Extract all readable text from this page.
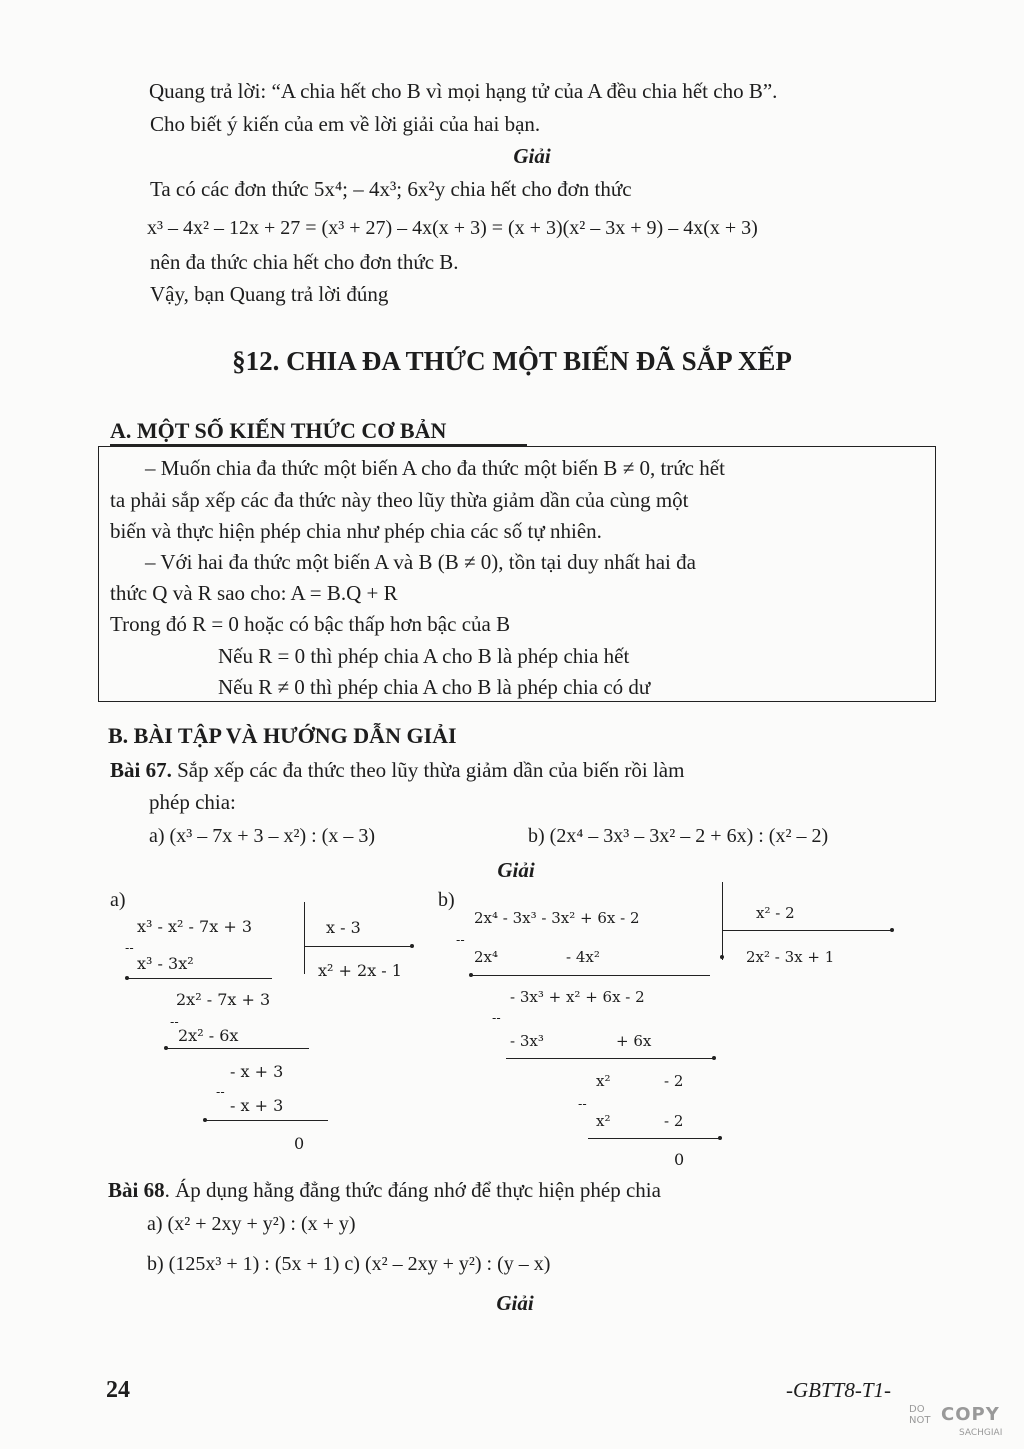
Quang trả lời: “A chia hết cho B vì mọi hạng tử của A đều chia hết cho B”.
Cho biết ý kiến của em về lời giải của hai bạn.
Giải
Ta có các đơn thức 5x⁴; – 4x³; 6x²y chia hết cho đơn thức
x³ – 4x² – 12x + 27 = (x³ + 27) – 4x(x + 3) = (x + 3)(x² – 3x + 9) – 4x(x + 3)
nên đa thức chia hết cho đơn thức B.
Vậy, bạn Quang trả lời đúng
§12. CHIA ĐA THỨC MỘT BIẾN ĐÃ SẮP XẾP
A. MỘT SỐ KIẾN THỨC CƠ BẢN
– Muốn chia đa thức một biến A cho đa thức một biến B ≠ 0, trức hết
ta phải sắp xếp các đa thức này theo lũy thừa giảm dần của cùng một
biến và thực hiện phép chia như phép chia các số tự nhiên.
– Với hai đa thức một biến A và B (B ≠ 0), tồn tại duy nhất hai đa
thức Q và R sao cho: A = B.Q + R
Trong đó R = 0 hoặc có bậc thấp hơn bậc của B
Nếu R = 0 thì phép chia A cho B là phép chia hết
Nếu R ≠ 0 thì phép chia A cho B là phép chia có dư
B. BÀI TẬP VÀ HƯỚNG DẪN GIẢI
Bài 67. Sắp xếp các đa thức theo lũy thừa giảm dần của biến rồi làm
phép chia:
a) (x³ – 7x + 3 – x²) : (x – 3)	b) (2x⁴ – 3x³ – 3x² – 2 + 6x) : (x² – 2)
Giải
a)
x³ - x² - 7x + 3	x - 3
x² + 2x - 1
--
x³ - 3x²
2x² - 7x + 3
--
2x² - 6x
- x + 3
--
- x + 3
0
b)
2x⁴ - 3x³ - 3x² + 6x - 2	x² - 2
2x² - 3x + 1
--
2x⁴	- 4x²
- 3x³ + x² + 6x - 2
--
- 3x³	+ 6x
x²	- 2
--
x²	- 2
0
Bài 68. Áp dụng hằng đẳng thức đáng nhớ để thực hiện phép chia
a) (x² + 2xy + y²) : (x + y)
b) (125x³ + 1) : (5x + 1) c) (x² – 2xy + y²) : (y – x)
Giải
24	-GBTT8-T1-
DO
NOT COPY
SACHGIAI
